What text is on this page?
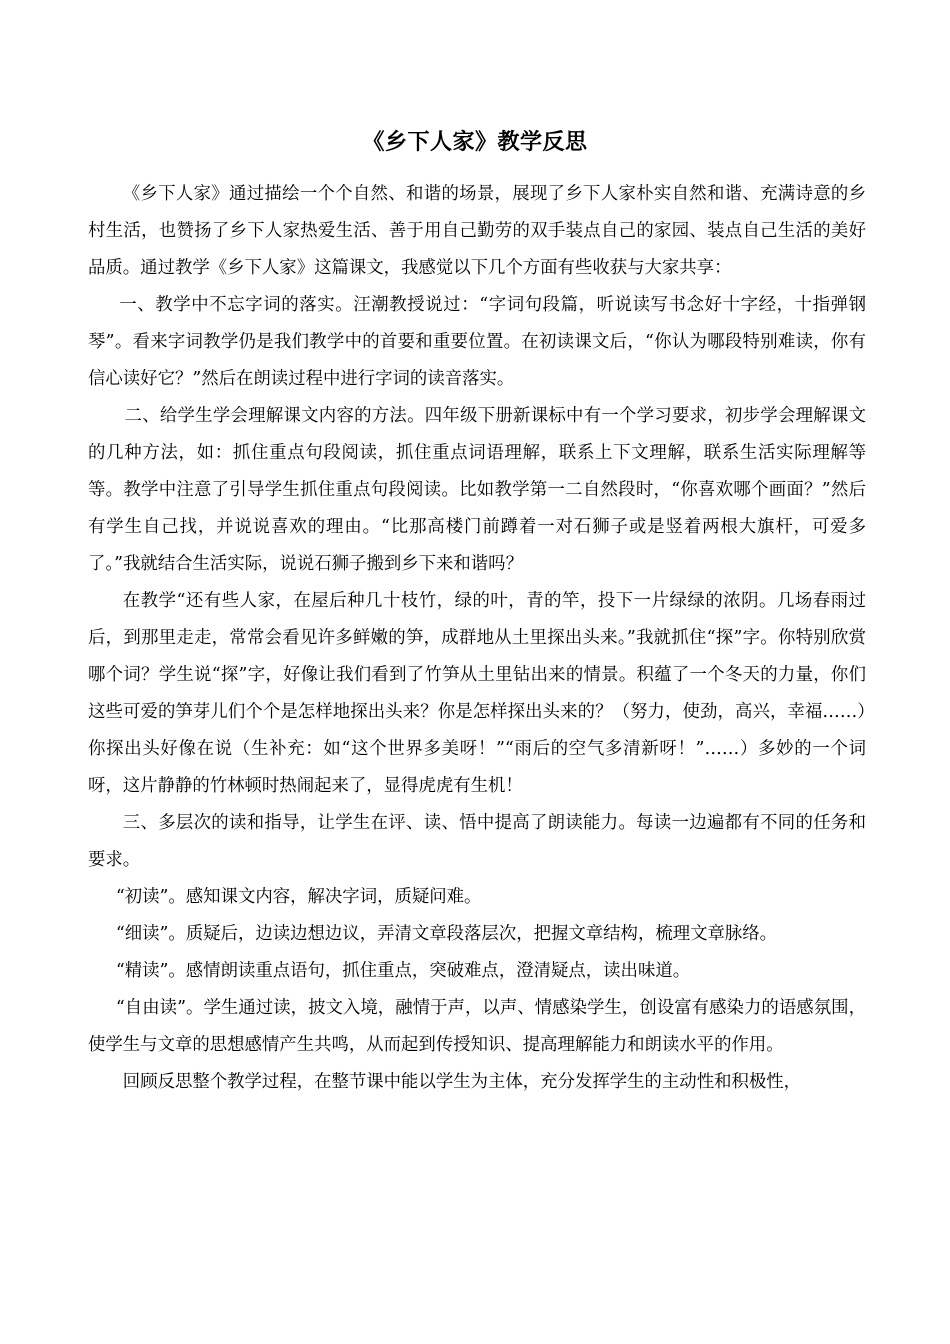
《乡下人家》教学反思

《乡下人家》通过描绘一个个自然、和谐的场景，展现了乡下人家朴实自然和谐、充满诗意的乡村生活，也赞扬了乡下人家热爱生活、善于用自己勤劳的双手装点自己的家园、装点自己生活的美好品质。通过教学《乡下人家》这篇课文，我感觉以下几个方面有些收获与大家共享：

一、教学中不忘字词的落实。汪潮教授说过：“字词句段篇，听说读写书念好十字经，十指弹钢琴”。看来字词教学仍是我们教学中的首要和重要位置。在初读课文后，“你认为哪段特别难读，你有信心读好它？”然后在朗读过程中进行字词的读音落实。

二、给学生学会理解课文内容的方法。四年级下册新课标中有一个学习要求，初步学会理解课文的几种方法，如：抓住重点句段阅读，抓住重点词语理解，联系上下文理解，联系生活实际理解等等。教学中注意了引导学生抓住重点句段阅读。比如教学第一二自然段时，“你喜欢哪个画面？”然后有学生自己找，并说说喜欢的理由。“比那高楼门前蹲着一对石狮子或是竖着两根大旗杆，可爱多了。”我就结合生活实际，说说石狮子搬到乡下来和谐吗？

在教学“还有些人家，在屋后种几十枝竹，绿的叶，青的竿，投下一片绿绿的浓阴。几场春雨过后，到那里走走，常常会看见许多鲜嫩的笋，成群地从土里探出头来。”我就抓住“探”字。你特别欣赏哪个词？学生说“探”字，好像让我们看到了竹笋从土里钻出来的情景。积蕴了一个冬天的力量，你们这些可爱的笋芽儿们个个是怎样地探出头来？你是怎样探出头来的？（努力，使劲，高兴，幸福……）你探出头好像在说（生补充：如“这个世界多美呀！”“雨后的空气多清新呀！”……）多妙的一个词呀，这片静静的竹林顿时热闹起来了，显得虎虎有生机！

三、多层次的读和指导，让学生在评、读、悟中提高了朗读能力。每读一边遍都有不同的任务和要求。

“初读”。感知课文内容，解决字词，质疑问难。

“细读”。质疑后，边读边想边议，弄清文章段落层次，把握文章结构，梳理文章脉络。

“精读”。感情朗读重点语句，抓住重点，突破难点，澄清疑点，读出味道。

“自由读”。学生通过读，披文入境，融情于声，以声、情感染学生，创设富有感染力的语感氛围，使学生与文章的思想感情产生共鸣，从而起到传授知识、提高理解能力和朗读水平的作用。

回顾反思整个教学过程，在整节课中能以学生为主体，充分发挥学生的主动性和积极性，
